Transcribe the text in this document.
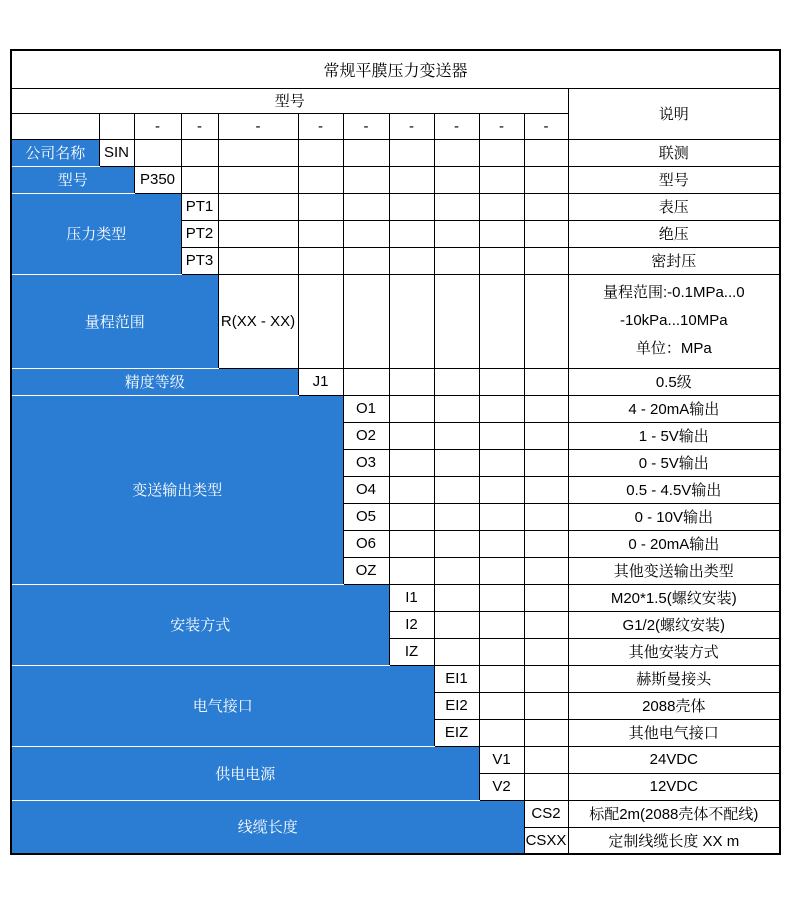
常规平膜压力变送器											
型号											说明
		-	-	-	-	-	-	-	-	-	
公司名称	SIN										联测
型号		P350									型号
压力类型			PT1								表压
			PT2								绝压
			PT3								密封压
量程范围				R(XX - XX)							量程范围:-0.1MPa...0
-10kPa...10MPa
单位：MPa

精度等级					J1						0.5级
变送输出类型						O1					4 - 20mA输出
						O2					1 - 5V输出
						O3					0 - 5V输出
						O4					0.5 - 4.5V输出
						O5					0 - 10V输出
						O6					0 - 20mA输出
						OZ					其他变送输出类型
安装方式							I1				M20*1.5(螺纹安装)
							I2				G1/2(螺纹安装)
							IZ				其他安装方式
电气接口								EI1			赫斯曼接头
								EI2			2088壳体
								EIZ			其他电气接口
供电电源									V1		24VDC
									V2		12VDC
线缆长度										CS2	标配2m(2088壳体不配线)
										CSXX	定制线缆长度 XX m
